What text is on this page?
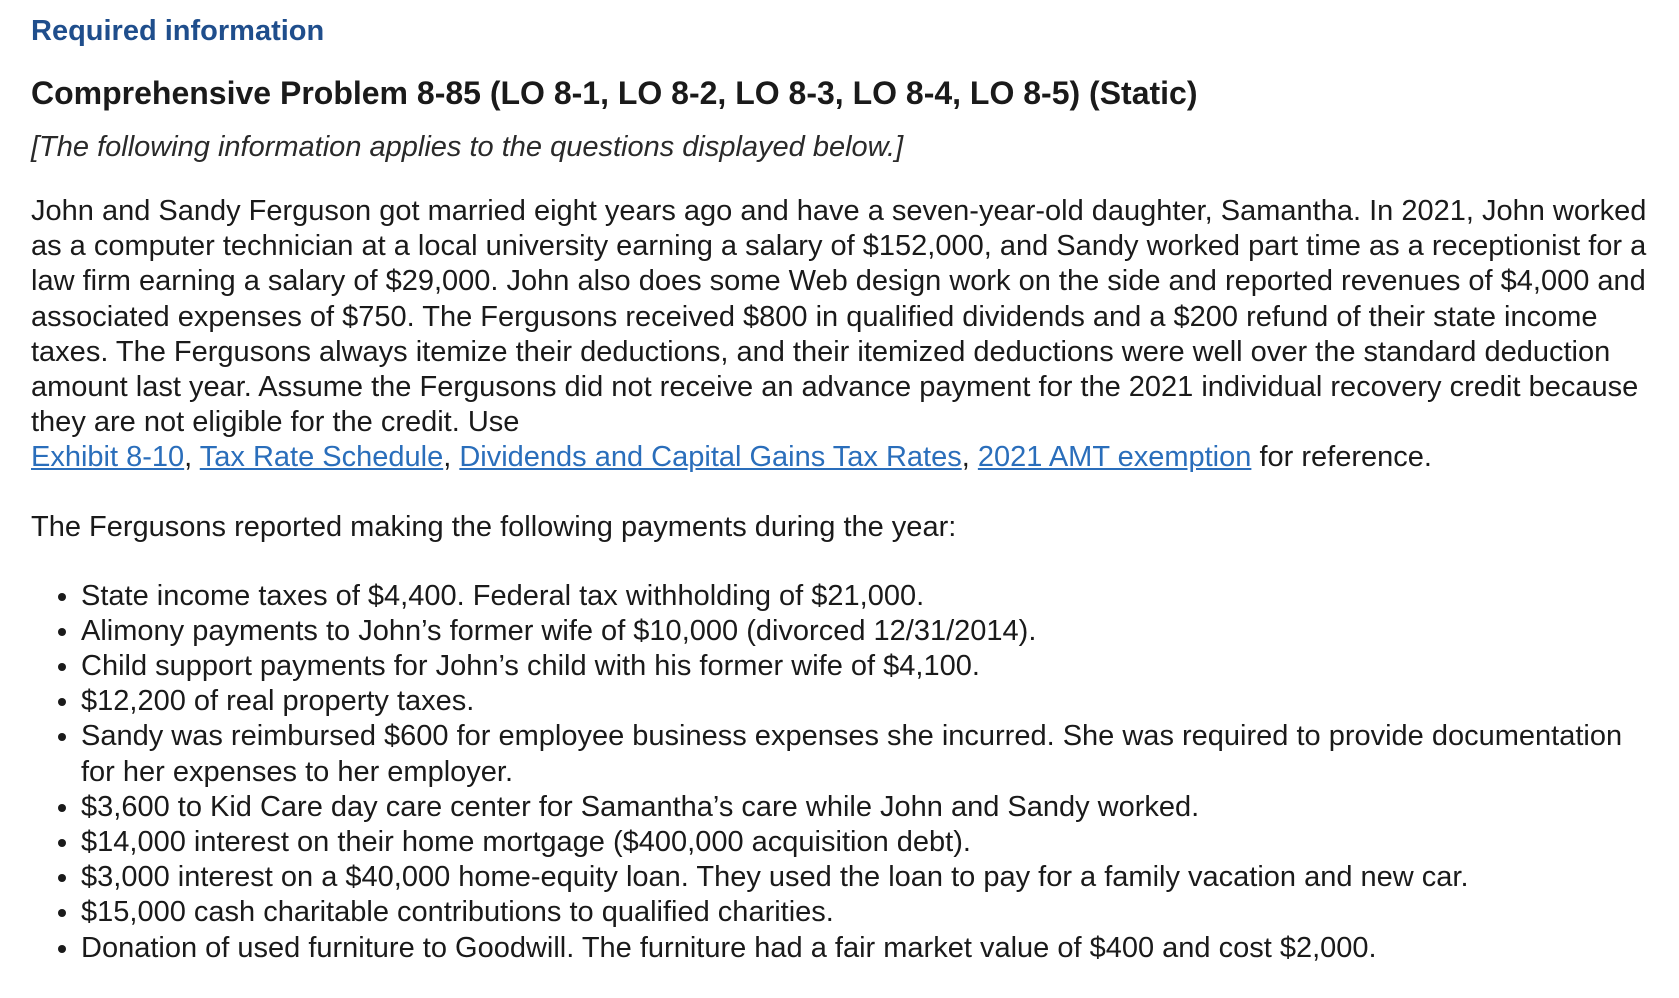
Required information
Comprehensive Problem 8-85 (LO 8-1, LO 8-2, LO 8-3, LO 8-4, LO 8-5) (Static)
[The following information applies to the questions displayed below.]

John and Sandy Ferguson got married eight years ago and have a seven-year-old daughter, Samantha. In 2021, John worked as a computer technician at a local university earning a salary of $152,000, and Sandy worked part time as a receptionist for a law firm earning a salary of $29,000. John also does some Web design work on the side and reported revenues of $4,000 and associated expenses of $750. The Fergusons received $800 in qualified dividends and a $200 refund of their state income taxes. The Fergusons always itemize their deductions, and their itemized deductions were well over the standard deduction amount last year. Assume the Fergusons did not receive an advance payment for the 2021 individual recovery credit because they are not eligible for the credit. Use
Exhibit 8-10, Tax Rate Schedule, Dividends and Capital Gains Tax Rates, 2021 AMT exemption for reference.

The Fergusons reported making the following payments during the year:
• State income taxes of $4,400. Federal tax withholding of $21,000.
• Alimony payments to John’s former wife of $10,000 (divorced 12/31/2014).
• Child support payments for John’s child with his former wife of $4,100.
• $12,200 of real property taxes.
• Sandy was reimbursed $600 for employee business expenses she incurred. She was required to provide documentation for her expenses to her employer.
• $3,600 to Kid Care day care center for Samantha’s care while John and Sandy worked.
• $14,000 interest on their home mortgage ($400,000 acquisition debt).
• $3,000 interest on a $40,000 home-equity loan. They used the loan to pay for a family vacation and new car.
• $15,000 cash charitable contributions to qualified charities.
• Donation of used furniture to Goodwill. The furniture had a fair market value of $400 and cost $2,000.
